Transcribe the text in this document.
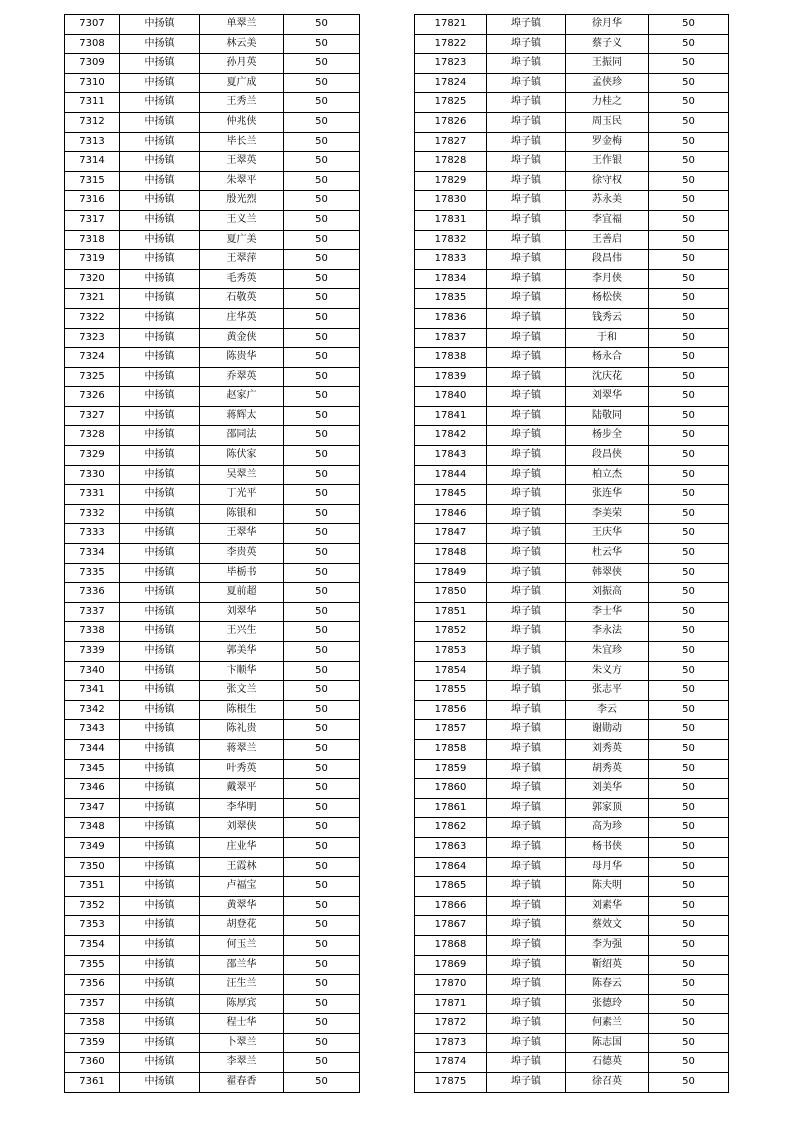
7307	中扬镇	单翠兰	50
7308	中扬镇	林云美	50
7309	中扬镇	孙月英	50
7310	中扬镇	夏广成	50
7311	中扬镇	王秀兰	50
7312	中扬镇	仲兆侠	50
7313	中扬镇	毕长兰	50
7314	中扬镇	王翠英	50
7315	中扬镇	朱翠平	50
7316	中扬镇	殷光烈	50
7317	中扬镇	王义兰	50
7318	中扬镇	夏广美	50
7319	中扬镇	王翠萍	50
7320	中扬镇	毛秀英	50
7321	中扬镇	石敬英	50
7322	中扬镇	庄华英	50
7323	中扬镇	黄金侠	50
7324	中扬镇	陈贵华	50
7325	中扬镇	乔翠英	50
7326	中扬镇	赵家广	50
7327	中扬镇	蒋辉太	50
7328	中扬镇	邵同法	50
7329	中扬镇	陈伏家	50
7330	中扬镇	吴翠兰	50
7331	中扬镇	丁光平	50
7332	中扬镇	陈银和	50
7333	中扬镇	王翠华	50
7334	中扬镇	李贵英	50
7335	中扬镇	毕栃书	50
7336	中扬镇	夏前超	50
7337	中扬镇	刘翠华	50
7338	中扬镇	王兴生	50
7339	中扬镇	郭美华	50
7340	中扬镇	卞顺华	50
7341	中扬镇	张文兰	50
7342	中扬镇	陈根生	50
7343	中扬镇	陈礼贵	50
7344	中扬镇	蒋翠兰	50
7345	中扬镇	叶秀英	50
7346	中扬镇	戴翠平	50
7347	中扬镇	李华明	50
7348	中扬镇	刘翠侠	50
7349	中扬镇	庄业华	50
7350	中扬镇	王霞林	50
7351	中扬镇	卢福宝	50
7352	中扬镇	黄翠华	50
7353	中扬镇	胡登花	50
7354	中扬镇	何玉兰	50
7355	中扬镇	邵兰华	50
7356	中扬镇	汪生兰	50
7357	中扬镇	陈厚宾	50
7358	中扬镇	程士华	50
7359	中扬镇	卜翠兰	50
7360	中扬镇	李翠兰	50
7361	中扬镇	翟春香	50
17821	埠子镇	徐月华	50
17822	埠子镇	蔡子义	50
17823	埠子镇	王振同	50
17824	埠子镇	孟侠珍	50
17825	埠子镇	力桂之	50
17826	埠子镇	周玉民	50
17827	埠子镇	罗金梅	50
17828	埠子镇	王作银	50
17829	埠子镇	徐守权	50
17830	埠子镇	苏永美	50
17831	埠子镇	李宜福	50
17832	埠子镇	王善启	50
17833	埠子镇	段昌伟	50
17834	埠子镇	李月侠	50
17835	埠子镇	杨松侠	50
17836	埠子镇	钱秀云	50
17837	埠子镇	于和	50
17838	埠子镇	杨永合	50
17839	埠子镇	沈庆花	50
17840	埠子镇	刘翠华	50
17841	埠子镇	陆敬同	50
17842	埠子镇	杨步全	50
17843	埠子镇	段昌侠	50
17844	埠子镇	柏立杰	50
17845	埠子镇	张连华	50
17846	埠子镇	李美荣	50
17847	埠子镇	王庆华	50
17848	埠子镇	杜云华	50
17849	埠子镇	韩翠侠	50
17850	埠子镇	刘振高	50
17851	埠子镇	李士华	50
17852	埠子镇	李永法	50
17853	埠子镇	朱宜珍	50
17854	埠子镇	朱义方	50
17855	埠子镇	张志平	50
17856	埠子镇	李云	50
17857	埠子镇	谢勋动	50
17858	埠子镇	刘秀英	50
17859	埠子镇	胡秀英	50
17860	埠子镇	刘美华	50
17861	埠子镇	郭家顶	50
17862	埠子镇	高为珍	50
17863	埠子镇	杨书侠	50
17864	埠子镇	母月华	50
17865	埠子镇	陈夫明	50
17866	埠子镇	刘素华	50
17867	埠子镇	蔡效文	50
17868	埠子镇	李为强	50
17869	埠子镇	靳绍英	50
17870	埠子镇	陈春云	50
17871	埠子镇	张德玲	50
17872	埠子镇	何素兰	50
17873	埠子镇	陈志国	50
17874	埠子镇	石德英	50
17875	埠子镇	徐召英	50
